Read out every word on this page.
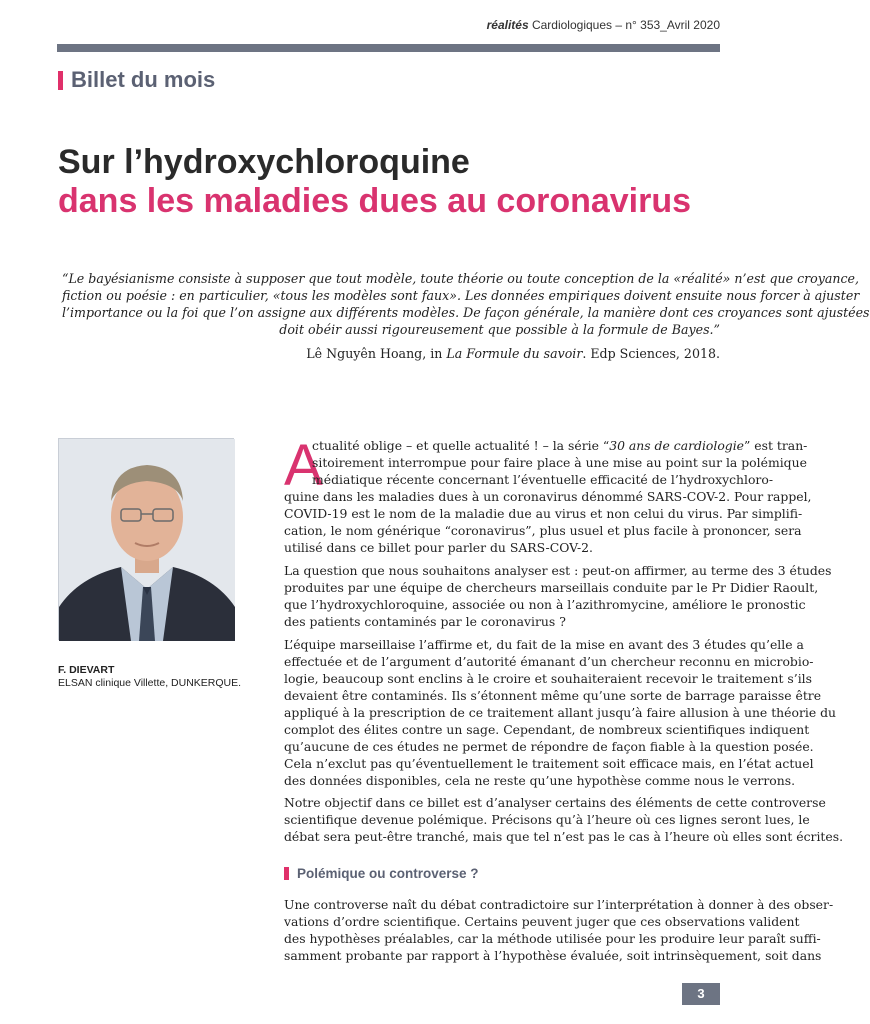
réalités Cardiologiques – n° 353_Avril 2020
Billet du mois
Sur l’hydroxychloroquine
dans les maladies dues au coronavirus
“Le bayésianisme consiste à supposer que tout modèle, toute théorie ou toute conception de la «réalité» n’est que croyance,
fiction ou poésie : en particulier, «tous les modèles sont faux». Les données empiriques doivent ensuite nous forcer à ajuster
l’importance ou la foi que l’on assigne aux différents modèles. De façon générale, la manière dont ces croyances sont ajustées
doit obéir aussi rigoureusement que possible à la formule de Bayes.”
Lê Nguyên Hoang, in La Formule du savoir. Edp Sciences, 2018.
F. DIEVART
ELSAN clinique Villette, DUNKERQUE.
A
ctualité oblige – et quelle actualité ! – la série “30 ans de cardiologie” est tran-
sitoirement interrompue pour faire place à une mise au point sur la polémique
médiatique récente concernant l’éventuelle efficacité de l’hydroxychloro-
quine dans les maladies dues à un coronavirus dénommé SARS-COV-2. Pour rappel,
COVID-19 est le nom de la maladie due au virus et non celui du virus. Par simplifi-
cation, le nom générique “coronavirus”, plus usuel et plus facile à prononcer, sera
utilisé dans ce billet pour parler du SARS-COV-2.
La question que nous souhaitons analyser est : peut-on affirmer, au terme des 3 études
produites par une équipe de chercheurs marseillais conduite par le Pr Didier Raoult,
que l’hydroxychloroquine, associée ou non à l’azithromycine, améliore le pronostic
des patients contaminés par le coronavirus ?
L’équipe marseillaise l’affirme et, du fait de la mise en avant des 3 études qu’elle a
effectuée et de l’argument d’autorité émanant d’un chercheur reconnu en microbio-
logie, beaucoup sont enclins à le croire et souhaiteraient recevoir le traitement s’ils
devaient être contaminés. Ils s’étonnent même qu’une sorte de barrage paraisse être
appliqué à la prescription de ce traitement allant jusqu’à faire allusion à une théorie du
complot des élites contre un sage. Cependant, de nombreux scientifiques indiquent
qu’aucune de ces études ne permet de répondre de façon fiable à la question posée.
Cela n’exclut pas qu’éventuellement le traitement soit efficace mais, en l’état actuel
des données disponibles, cela ne reste qu’une hypothèse comme nous le verrons.
Notre objectif dans ce billet est d’analyser certains des éléments de cette controverse
scientifique devenue polémique. Précisons qu’à l’heure où ces lignes seront lues, le
débat sera peut-être tranché, mais que tel n’est pas le cas à l’heure où elles sont écrites.
Polémique ou controverse ?
Une controverse naît du débat contradictoire sur l’interprétation à donner à des obser-
vations d’ordre scientifique. Certains peuvent juger que ces observations valident
des hypothèses préalables, car la méthode utilisée pour les produire leur paraît suffi-
samment probante par rapport à l’hypothèse évaluée, soit intrinsèquement, soit dans
3
